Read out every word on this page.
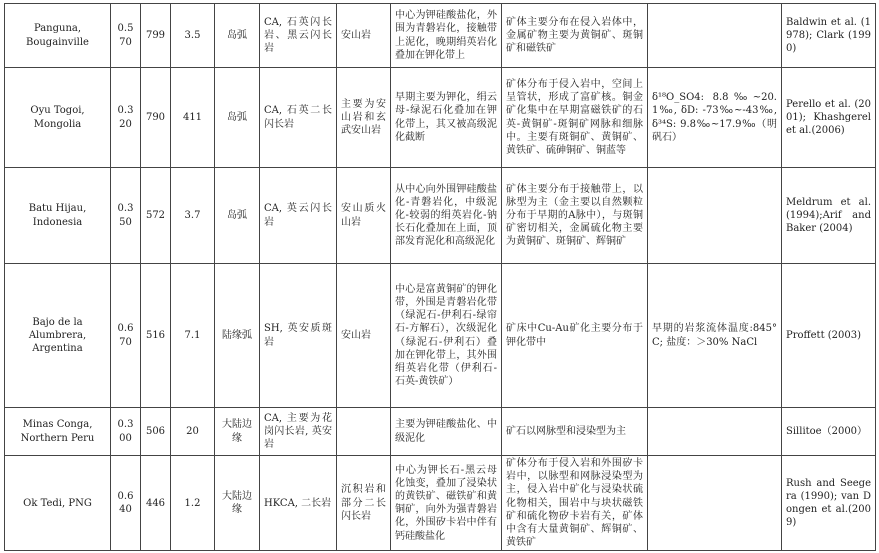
Panguna,
Bougainville	0.570	799	3.5	岛弧	CA, 石英闪长岩、黑云闪长岩	安山岩	中心为钾硅酸盐化，外围为青磐岩化，接触带上泥化，晚期绢英岩化叠加在钾化带上	矿体主要分布在侵入岩体中，金属矿物主要为黄铜矿、斑铜矿和磁铁矿		Baldwin et al. (1978); Clark (1990)

Oyu Togoi,
Mongolia	0.320	790	411	岛弧	CA, 石英二长闪长岩	主要为安山岩和玄武安山岩	早期主要为钾化，绢云母-绿泥石化叠加在钾化带上，其又被高级泥化截断	矿体分布于侵入岩中，空间上呈管状，形成了富矿核。铜金矿化集中在早期富磁铁矿的石英-黄铜矿-斑铜矿网脉和细脉中。主要有斑铜矿、黄铜矿、黄铁矿、硫砷铜矿、铜蓝等	δ¹⁸O_SO4: 8.8‰~20.1‰, δD: -73‰~-43‰, δ³⁴S: 9.8‰~17.9‰（明矾石）	Perello et al. (2001); Khashgerel et al.(2006)

Batu Hijau,
Indonesia	0.350	572	3.7	岛弧	CA, 英云闪长岩	安山质火山岩	从中心向外围钾硅酸盐化-青磐岩化，中级泥化-较弱的绢英岩化-钠长石化叠加在上面，顶部发育泥化和高级泥化	矿体主要分布于接触带上，以脉型为主（金主要以自然颗粒分布于早期的A脉中），与斑铜矿密切相关，金属硫化物主要为黄铜矿、斑铜矿、辉铜矿		Meldrum et al. (1994);Arif and Baker (2004)

Bajo de la
Alumbrera,
Argentina	0.670	516	7.1	陆缘弧	SH, 英安质斑岩	安山岩	中心是富黄铜矿的钾化带，外围是青磐岩化带（绿泥石-伊利石-绿帘石-方解石），次级泥化（绿泥石-伊利石）叠加在钾化带上，其外围绢英岩化带（伊利石-石英-黄铁矿）	矿床中Cu-Au矿化主要分布于钾化带中	早期的岩浆流体温度:845°C; 盐度：＞30% NaCl	Proffett (2003)

Minas Conga,
Northern Peru	0.300	506	20	大陆边缘	CA, 主要为花岗闪长岩, 英安岩		主要为钾硅酸盐化、中级泥化	矿石以网脉型和浸染型为主		Sillitoe（2000）

Ok Tedi, PNG	0.640	446	1.2	大陆边缘	HKCA, 二长岩	沉积岩和部分二长闪长岩	中心为钾长石-黑云母化蚀变，叠加了浸染状的黄铁矿、磁铁矿和黄铜矿，向外为强青磐岩化，外围矽卡岩中伴有钙硅酸盐化	矿体分布于侵入岩和外围矽卡岩中，以脉型和网脉浸染型为主，侵入岩中矿化与浸染状硫化物相关，围岩中与块状磁铁矿和硫化物矽卡岩有关，矿体中含有大量黄铜矿、辉铜矿、黄铁矿		Rush and Seegera (1990); van Dongen et al.(2009)
